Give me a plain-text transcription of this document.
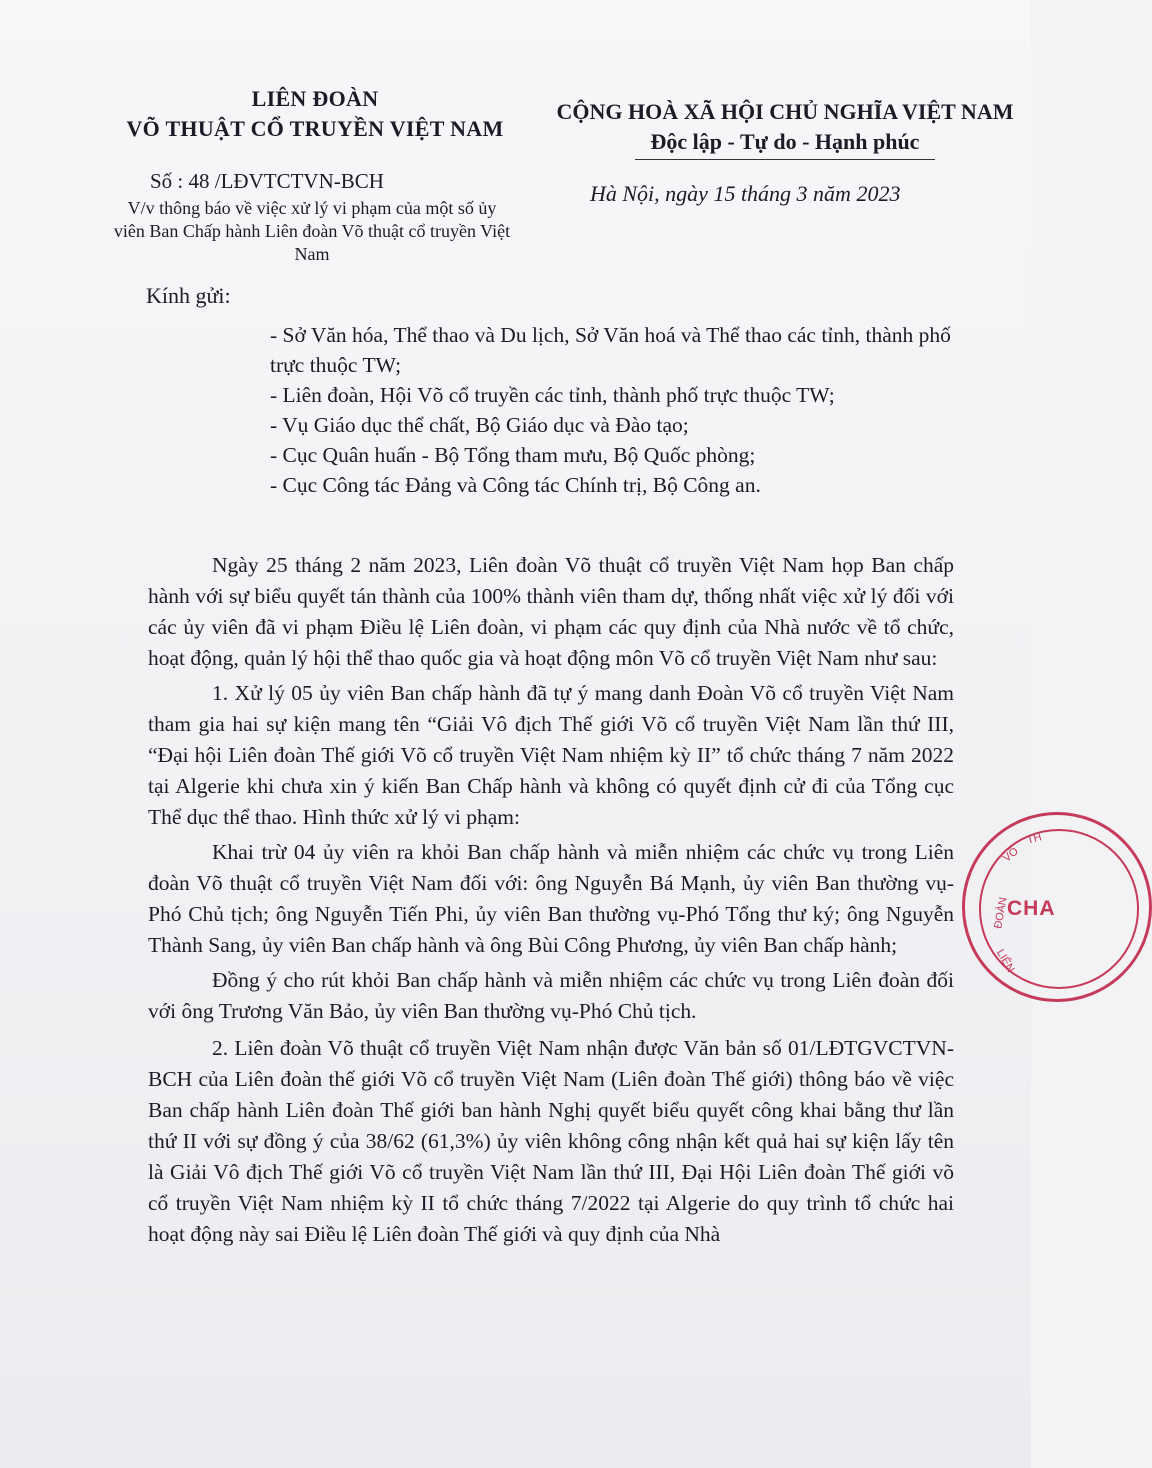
LIÊN ĐOÀN
VÕ THUẬT CỔ TRUYỀN VIỆT NAM
CỘNG HOÀ XÃ HỘI CHỦ NGHĨA VIỆT NAM
Độc lập - Tự do - Hạnh phúc
Số : 48 /LĐVTCTVN-BCH
V/v thông báo về việc xử lý vi phạm của một số ủy viên Ban Chấp hành Liên đoàn Võ thuật cổ truyền Việt Nam
Hà Nội, ngày 15 tháng 3 năm 2023
Kính gửi:

- Sở Văn hóa, Thể thao và Du lịch, Sở Văn hoá và Thể thao các tỉnh, thành phố trực thuộc TW;

- Liên đoàn, Hội Võ cổ truyền các tỉnh, thành phố trực thuộc TW;

- Vụ Giáo dục thể chất, Bộ Giáo dục và Đào tạo;

- Cục Quân huấn - Bộ Tổng tham mưu, Bộ Quốc phòng;

- Cục Công tác Đảng và Công tác Chính trị, Bộ Công an.

Ngày 25 tháng 2 năm 2023, Liên đoàn Võ thuật cổ truyền Việt Nam họp Ban chấp hành với sự biểu quyết tán thành của 100% thành viên tham dự, thống nhất việc xử lý đối với các ủy viên đã vi phạm Điều lệ Liên đoàn, vi phạm các quy định của Nhà nước về tổ chức, hoạt động, quản lý hội thể thao quốc gia và hoạt động môn Võ cổ truyền Việt Nam như sau:

1. Xử lý 05 ủy viên Ban chấp hành đã tự ý mang danh Đoàn Võ cổ truyền Việt Nam tham gia hai sự kiện mang tên “Giải Vô địch Thế giới Võ cổ truyền Việt Nam lần thứ III, “Đại hội Liên đoàn Thế giới Võ cổ truyền Việt Nam nhiệm kỳ II” tổ chức tháng 7 năm 2022 tại Algerie khi chưa xin ý kiến Ban Chấp hành và không có quyết định cử đi của Tổng cục Thể dục thể thao. Hình thức xử lý vi phạm:

Khai trừ 04 ủy viên ra khỏi Ban chấp hành và miễn nhiệm các chức vụ trong Liên đoàn Võ thuật cổ truyền Việt Nam đối với: ông Nguyễn Bá Mạnh, ủy viên Ban thường vụ-Phó Chủ tịch; ông Nguyễn Tiến Phi, ủy viên Ban thường vụ-Phó Tổng thư ký; ông Nguyễn Thành Sang, ủy viên Ban chấp hành và ông Bùi Công Phương, ủy viên Ban chấp hành;

Đồng ý cho rút khỏi Ban chấp hành và miễn nhiệm các chức vụ trong Liên đoàn đối với ông Trương Văn Bảo, ủy viên Ban thường vụ-Phó Chủ tịch.

2. Liên đoàn Võ thuật cổ truyền Việt Nam nhận được Văn bản số 01/LĐTGVCTVN-BCH của Liên đoàn thế giới Võ cổ truyền Việt Nam (Liên đoàn Thế giới) thông báo về việc Ban chấp hành Liên đoàn Thế giới ban hành Nghị quyết biểu quyết công khai bằng thư lần thứ II với sự đồng ý của 38/62 (61,3%) ủy viên không công nhận kết quả hai sự kiện lấy tên là Giải Vô địch Thế giới Võ cổ truyền Việt Nam lần thứ III, Đại Hội Liên đoàn Thế giới võ cổ truyền Việt Nam nhiệm kỳ II tổ chức tháng 7/2022 tại Algerie do quy trình tổ chức hai hoạt động này sai Điều lệ Liên đoàn Thế giới và quy định của Nhà

CHA
ĐOÀN
VÕ
TH
LIÊN
